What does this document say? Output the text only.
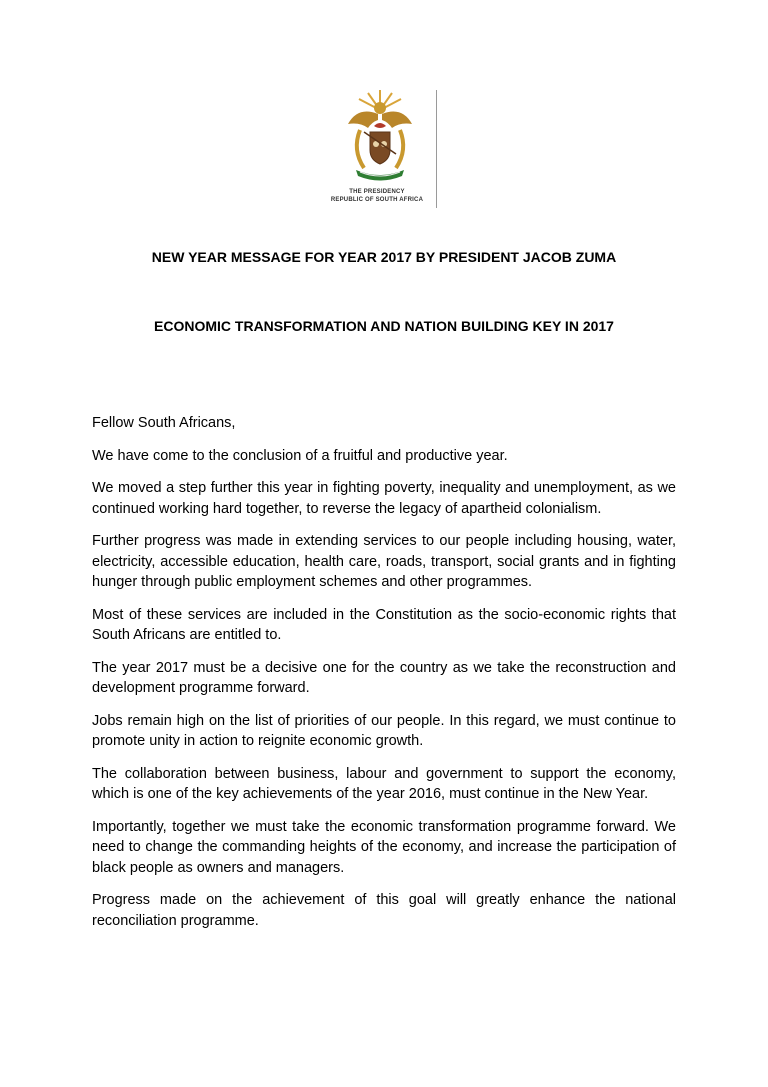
THE PRESIDENCY
REPUBLIC OF SOUTH AFRICA
NEW YEAR MESSAGE FOR YEAR 2017 BY PRESIDENT JACOB ZUMA
ECONOMIC TRANSFORMATION AND NATION BUILDING KEY IN 2017

Fellow South Africans,

We have come to the conclusion of a fruitful and productive year.

We moved a step further this year in fighting poverty, inequality and unemployment, as we continued working hard together, to reverse the legacy of apartheid colonialism.

Further progress was made in extending services to our people including housing, water, electricity, accessible education, health care, roads, transport, social grants and in fighting hunger through public employment schemes and other programmes.

Most of these services are included in the Constitution as the socio-economic rights that South Africans are entitled to.

The year 2017 must be a decisive one for the country as we take the reconstruction and development programme forward.

Jobs remain high on the list of priorities of our people. In this regard, we must continue to promote unity in action to reignite economic growth.

The collaboration between business, labour and government to support the economy, which is one of the key achievements of the year 2016, must continue in the New Year.

Importantly, together we must take the economic transformation programme forward. We need to change the commanding heights of the economy, and increase the participation of black people as owners and managers.

Progress made on the achievement of this goal will greatly enhance the national reconciliation programme.
